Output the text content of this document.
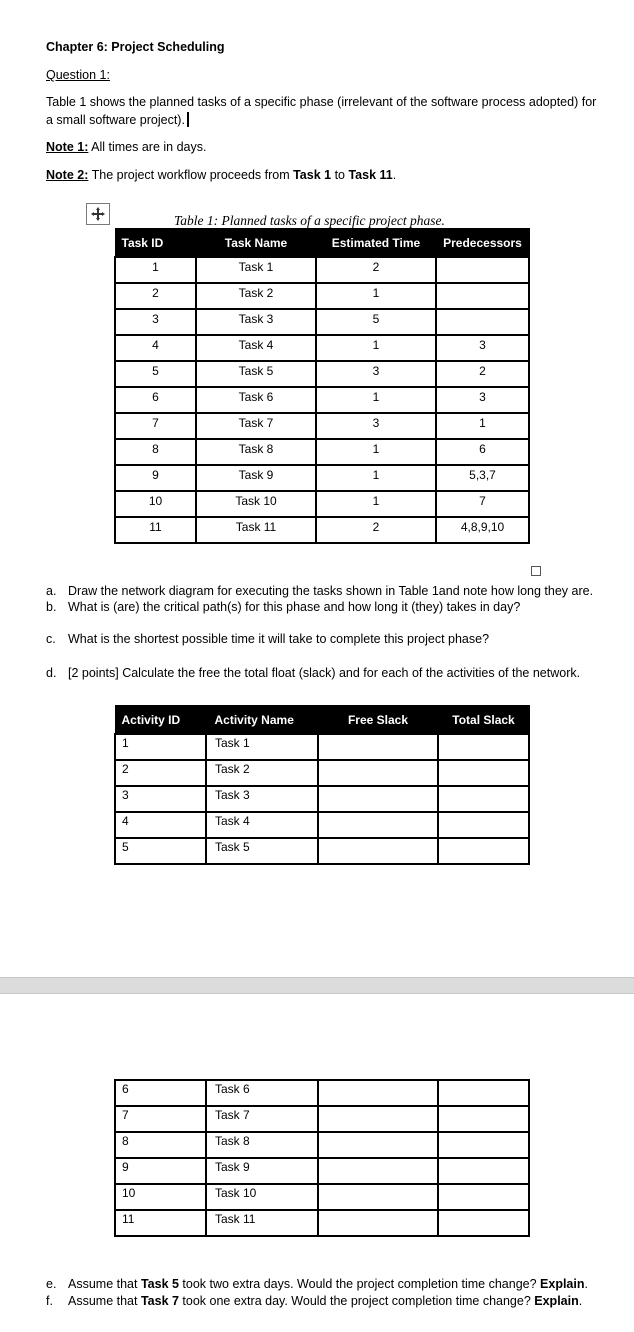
Chapter 6: Project Scheduling
Question 1:
Table 1 shows the planned tasks of a specific phase (irrelevant of the software process adopted) for a small software project).
Note 1: All times are in days.
Note 2: The project workflow proceeds from Task 1 to Task 11.
Table 1: Planned tasks of a specific project phase.
Task ID	Task Name	Estimated Time	Predecessors

1	Task 1	2	

2	Task 2	1	

3	Task 3	5	

4	Task 4	1	3

5	Task 5	3	2

6	Task 6	1	3

7	Task 7	3	1

8	Task 8	1	6

9	Task 9	1	5,3,7

10	Task 10	1	7

11	Task 11	2	4,8,9,10
a. Draw the network diagram for executing the tasks shown in Table 1and note how long they are.
b. What is (are) the critical path(s) for this phase and how long it (they) takes in day?
c. What is the shortest possible time it will take to complete this project phase?
d. [2 points] Calculate the free the total float (slack) and for each of the activities of the network.
Activity ID	Activity Name	Free Slack	Total Slack

1	Task 1		

2	Task 2		

3	Task 3		

4	Task 4		

5	Task 5		

6	Task 6		

7	Task 7		

8	Task 8		

9	Task 9		

10	Task 10		

11	Task 11		

e. Assume that Task 5 took two extra days. Would the project completion time change? Explain.
f. Assume that Task 7 took one extra day. Would the project completion time change? Explain.
